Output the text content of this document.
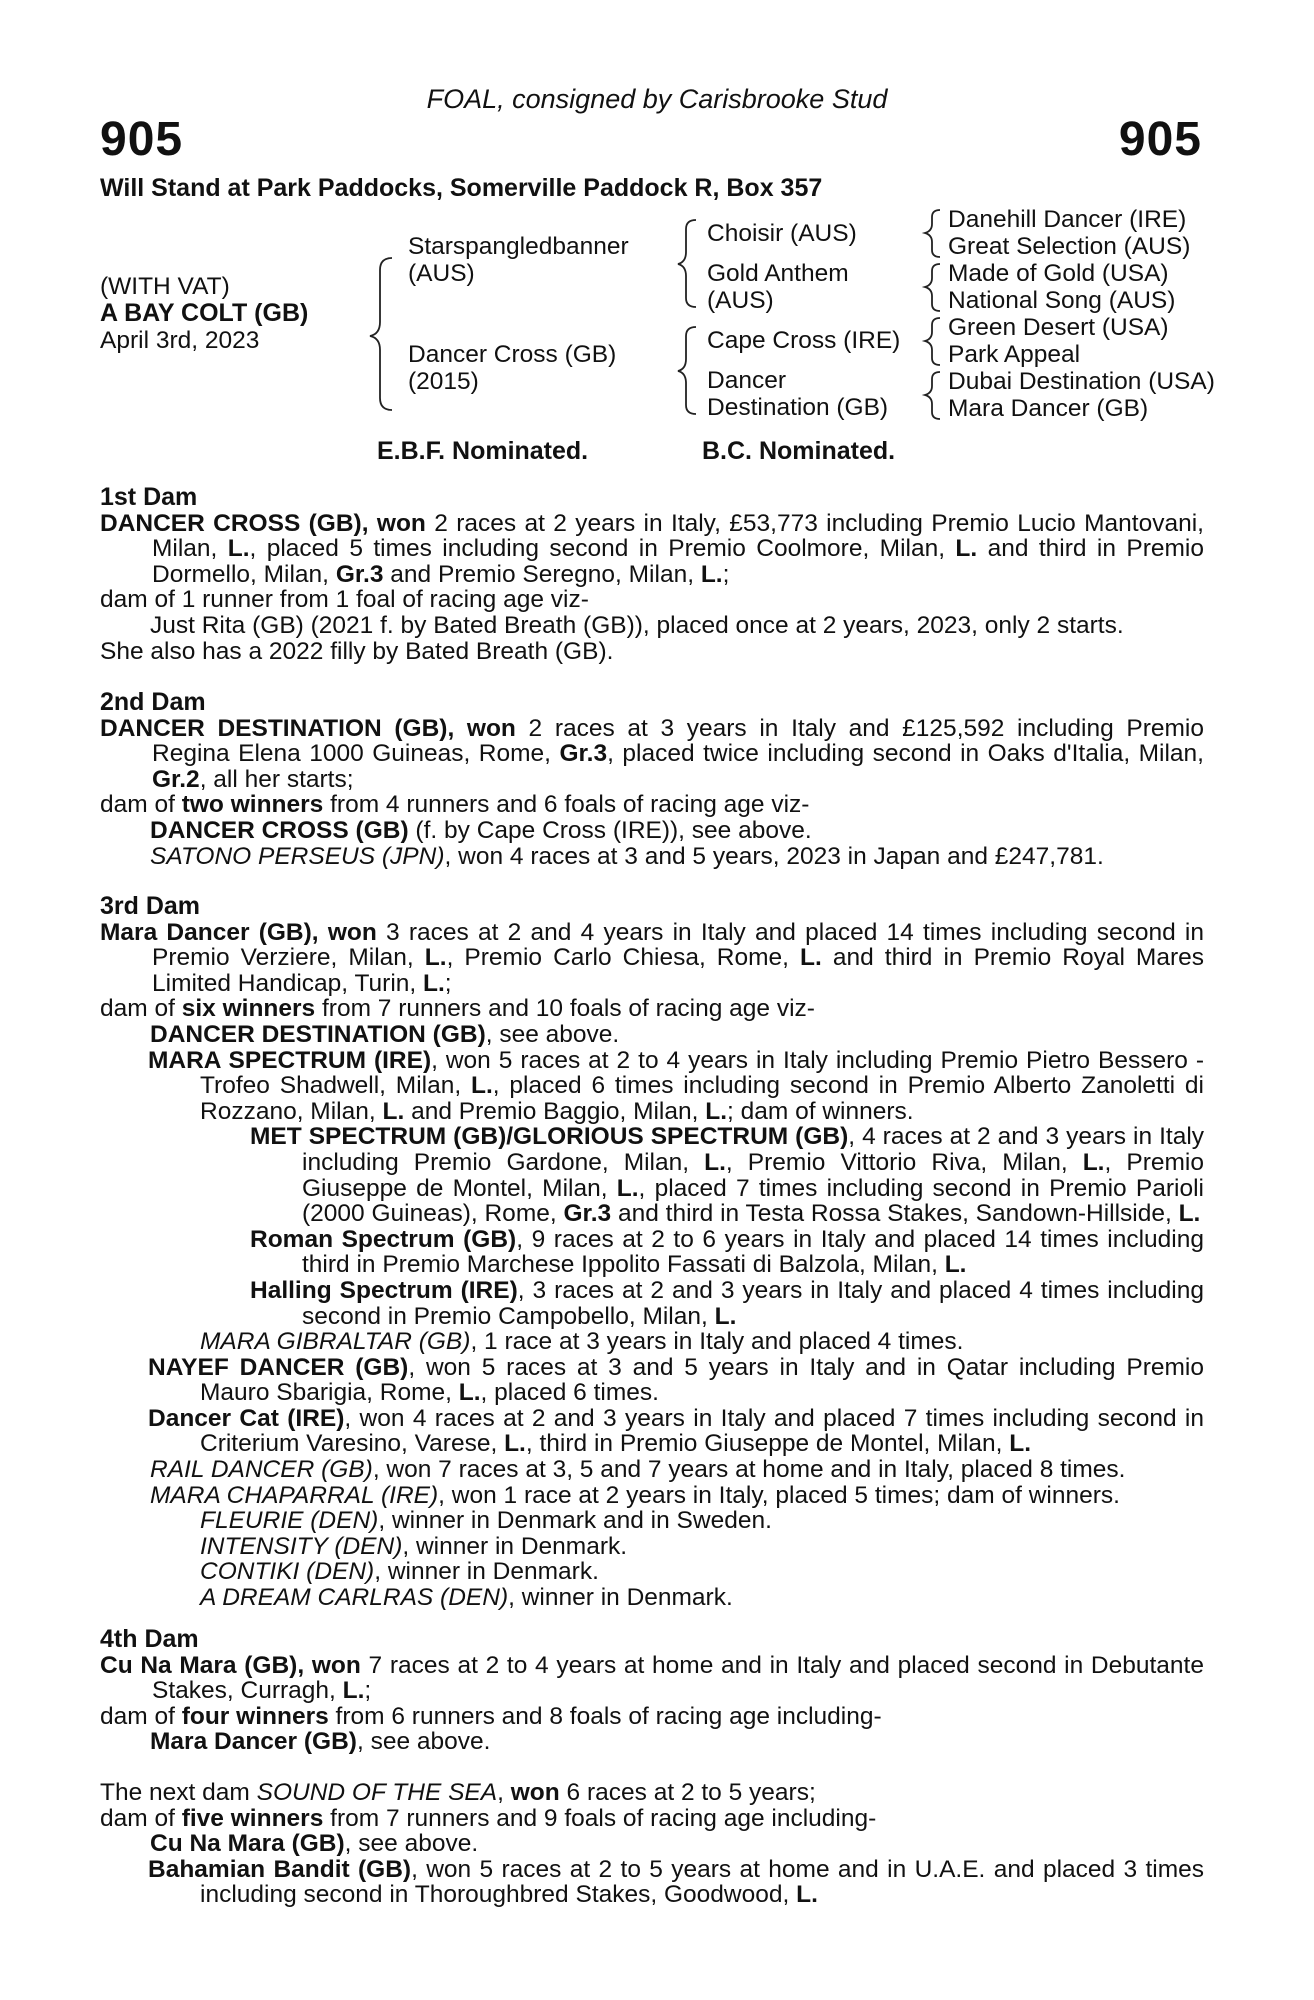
FOAL, consigned by Carisbrooke Stud
905	905
Will Stand at Park Paddocks, Somerville Paddock R, Box 357
(WITH VAT)
A BAY COLT (GB)
April 3rd, 2023
Starspangledbanner
(AUS)
Dancer Cross (GB)
(2015)
Choisir (AUS)
Gold Anthem
(AUS)
Cape Cross (IRE)
Dancer
Destination (GB)
Danehill Dancer (IRE)
Great Selection (AUS)
Made of Gold (USA)
National Song (AUS)
Green Desert (USA)
Park Appeal
Dubai Destination (USA)
Mara Dancer (GB)
E.B.F. Nominated.	B.C. Nominated.

1st Dam

DANCER CROSS (GB), won 2 races at 2 years in Italy, £53,773 including Premio Lucio Mantovani, Milan, L., placed 5 times including second in Premio Coolmore, Milan, L. and third in Premio Dormello, Milan, Gr.3 and Premio Seregno, Milan, L.;

dam of 1 runner from 1 foal of racing age viz-

Just Rita (GB) (2021 f. by Bated Breath (GB)), placed once at 2 years, 2023, only 2 starts.

She also has a 2022 filly by Bated Breath (GB).

2nd Dam

DANCER DESTINATION (GB), won 2 races at 3 years in Italy and £125,592 including Premio Regina Elena 1000 Guineas, Rome, Gr.3, placed twice including second in Oaks d'Italia, Milan, Gr.2, all her starts;

dam of two winners from 4 runners and 6 foals of racing age viz-

DANCER CROSS (GB) (f. by Cape Cross (IRE)), see above.

SATONO PERSEUS (JPN), won 4 races at 3 and 5 years, 2023 in Japan and £247,781.

3rd Dam

Mara Dancer (GB), won 3 races at 2 and 4 years in Italy and placed 14 times including second in Premio Verziere, Milan, L., Premio Carlo Chiesa, Rome, L. and third in Premio Royal Mares Limited Handicap, Turin, L.;

dam of six winners from 7 runners and 10 foals of racing age viz-

DANCER DESTINATION (GB), see above.

MARA SPECTRUM (IRE), won 5 races at 2 to 4 years in Italy including Premio Pietro Bessero - Trofeo Shadwell, Milan, L., placed 6 times including second in Premio Alberto Zanoletti di Rozzano, Milan, L. and Premio Baggio, Milan, L.; dam of winners.

MET SPECTRUM (GB)/GLORIOUS SPECTRUM (GB), 4 races at 2 and 3 years in Italy including Premio Gardone, Milan, L., Premio Vittorio Riva, Milan, L., Premio Giuseppe de Montel, Milan, L., placed 7 times including second in Premio Parioli (2000 Guineas), Rome, Gr.3 and third in Testa Rossa Stakes, Sandown-Hillside, L.

Roman Spectrum (GB), 9 races at 2 to 6 years in Italy and placed 14 times including third in Premio Marchese Ippolito Fassati di Balzola, Milan, L.

Halling Spectrum (IRE), 3 races at 2 and 3 years in Italy and placed 4 times including second in Premio Campobello, Milan, L.

MARA GIBRALTAR (GB), 1 race at 3 years in Italy and placed 4 times.

NAYEF DANCER (GB), won 5 races at 3 and 5 years in Italy and in Qatar including Premio Mauro Sbarigia, Rome, L., placed 6 times.

Dancer Cat (IRE), won 4 races at 2 and 3 years in Italy and placed 7 times including second in Criterium Varesino, Varese, L., third in Premio Giuseppe de Montel, Milan, L.

RAIL DANCER (GB), won 7 races at 3, 5 and 7 years at home and in Italy, placed 8 times.

MARA CHAPARRAL (IRE), won 1 race at 2 years in Italy, placed 5 times; dam of winners.

FLEURIE (DEN), winner in Denmark and in Sweden.

INTENSITY (DEN), winner in Denmark.

CONTIKI (DEN), winner in Denmark.

A DREAM CARLRAS (DEN), winner in Denmark.

4th Dam

Cu Na Mara (GB), won 7 races at 2 to 4 years at home and in Italy and placed second in Debutante Stakes, Curragh, L.;

dam of four winners from 6 runners and 8 foals of racing age including-

Mara Dancer (GB), see above.

The next dam SOUND OF THE SEA, won 6 races at 2 to 5 years;

dam of five winners from 7 runners and 9 foals of racing age including-

Cu Na Mara (GB), see above.

Bahamian Bandit (GB), won 5 races at 2 to 5 years at home and in U.A.E. and placed 3 times including second in Thoroughbred Stakes, Goodwood, L.
